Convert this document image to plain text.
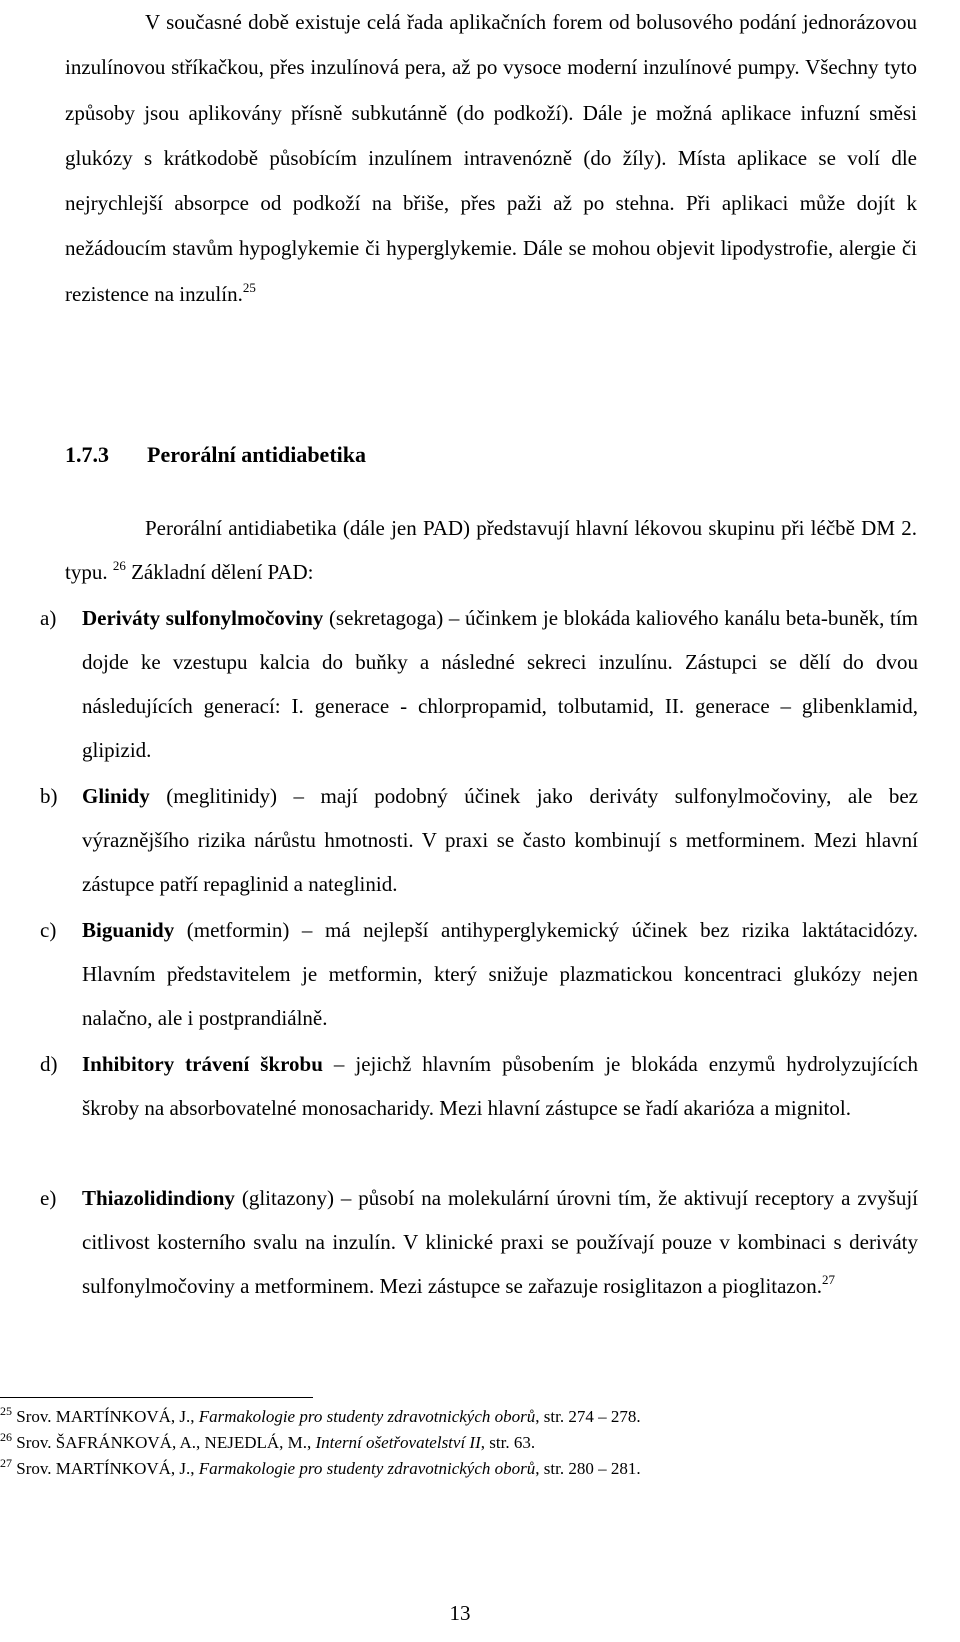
V současné době existuje celá řada aplikačních forem od bolusového podání jednorázovou inzulínovou stříkačkou, přes inzulínová pera, až po vysoce moderní inzulínové pumpy. Všechny tyto způsoby jsou aplikovány přísně subkutánně (do podkoží). Dále je možná aplikace infuzní směsi glukózy s krátkodobě působícím inzulínem intravenózně (do žíly). Místa aplikace se volí dle nejrychlejší absorpce od podkoží na břiše, přes paži až po stehna. Při aplikaci může dojít k nežádoucím stavům hypoglykemie či hyperglykemie. Dále se mohou objevit lipodystrofie, alergie či rezistence na inzulín.$^{25}$

1.7.3 Perorální antidiabetika

Perorální antidiabetika (dále jen PAD) představují hlavní lékovou skupinu při léčbě DM 2. typu. $^{26}$ Základní dělení PAD:

a)	Deriváty sulfonylmočoviny (sekretagoga) – účinkem je blokáda kaliového kanálu beta-buněk, tím dojde ke vzestupu kalcia do buňky a následné sekreci inzulínu. Zástupci se dělí do dvou následujících generací: I. generace - chlorpropamid, tolbutamid, II. generace – glibenklamid, glipizid.

b)	Glinidy (meglitinidy) – mají podobný účinek jako deriváty sulfonylmočoviny, ale bez výraznějšího rizika nárůstu hmotnosti. V praxi se často kombinují s metforminem. Mezi hlavní zástupce patří repaglinid a nateglinid.

c)	Biguanidy (metformin) – má nejlepší antihyperglykemický účinek bez rizika laktátacidózy. Hlavním představitelem je metformin, který snižuje plazmatickou koncentraci glukózy nejen nalačno, ale i postprandiálně.

d)	Inhibitory trávení škrobu – jejichž hlavním působením je blokáda enzymů hydrolyzujících škroby na absorbovatelné monosacharidy. Mezi hlavní zástupce se řadí akarióza a mignitol.

e)	Thiazolidindiony (glitazony) – působí na molekulární úrovni tím, že aktivují receptory a zvyšují citlivost kosterního svalu na inzulín. V klinické praxi se používají pouze v kombinaci s deriváty sulfonylmočoviny a metforminem. Mezi zástupce se zařazuje rosiglitazon a pioglitazon.$^{27}$

$^{25}$ Srov. MARTÍNKOVÁ, J., Farmakologie pro studenty zdravotnických oborů, str. 274 – 278.
$^{26}$ Srov. ŠAFRÁNKOVÁ, A., NEJEDLÁ, M., Interní ošetřovatelství II, str. 63.
$^{27}$ Srov. MARTÍNKOVÁ, J., Farmakologie pro studenty zdravotnických oborů, str. 280 – 281.
13
